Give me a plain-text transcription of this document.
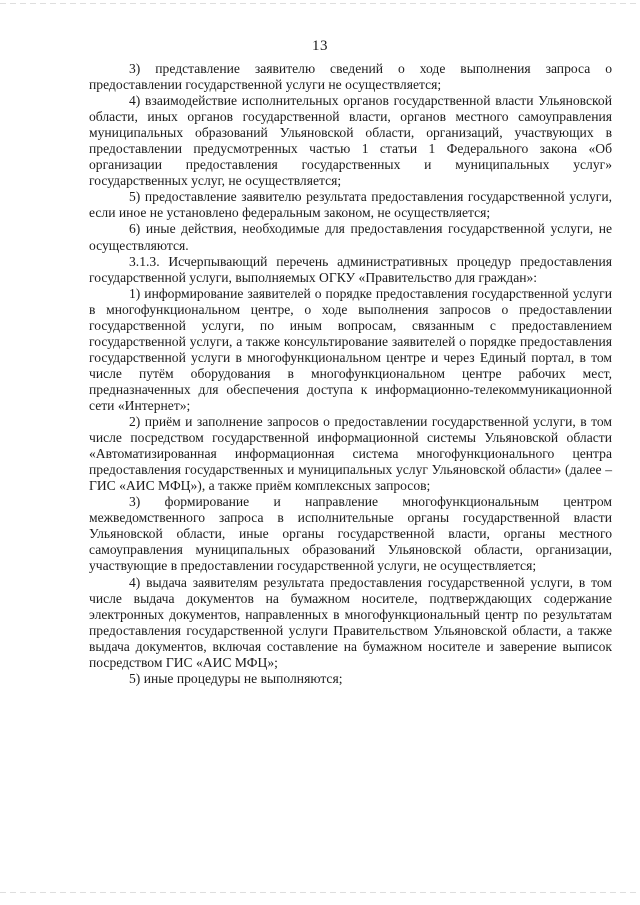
13

3) представление заявителю сведений о ходе выполнения запроса о предоставлении государственной услуги не осуществляется;

4) взаимодействие исполнительных органов государственной власти Ульяновской области, иных органов государственной власти, органов местного самоуправления муниципальных образований Ульяновской области, организаций, участвующих в предоставлении предусмотренных частью 1 статьи 1 Федерального закона «Об организации предоставления государственных и муниципальных услуг» государственных услуг, не осуществляется;

5) предоставление заявителю результата предоставления государственной услуги, если иное не установлено федеральным законом, не осуществляется;

6) иные действия, необходимые для предоставления государственной услуги, не осуществляются.

3.1.3. Исчерпывающий перечень административных процедур предоставления государственной услуги, выполняемых ОГКУ «Правительство для граждан»:

1) информирование заявителей о порядке предоставления государственной услуги в многофункциональном центре, о ходе выполнения запросов о предоставлении государственной услуги, по иным вопросам, связанным с предоставлением государственной услуги, а также консультирование заявителей о порядке предоставления государственной услуги в многофункциональном центре и через Единый портал, в том числе путём оборудования в многофункциональном центре рабочих мест, предназначенных для обеспечения доступа к информационно-телекоммуникационной сети «Интернет»;

2) приём и заполнение запросов о предоставлении государственной услуги, в том числе посредством государственной информационной системы Ульяновской области «Автоматизированная информационная система многофункционального центра предоставления государственных и муниципальных услуг Ульяновской области» (далее – ГИС «АИС МФЦ»), а также приём комплексных запросов;

3) формирование и направление многофункциональным центром межведомственного запроса в исполнительные органы государственной власти Ульяновской области, иные органы государственной власти, органы местного самоуправления муниципальных образований Ульяновской области, организации, участвующие в предоставлении государственной услуги, не осуществляется;

4) выдача заявителям результата предоставления государственной услуги, в том числе выдача документов на бумажном носителе, подтверждающих содержание электронных документов, направленных в многофункциональный центр по результатам предоставления государственной услуги Правительством Ульяновской области, а также выдача документов, включая составление на бумажном носителе и заверение выписок посредством ГИС «АИС МФЦ»;

5) иные процедуры не выполняются;
